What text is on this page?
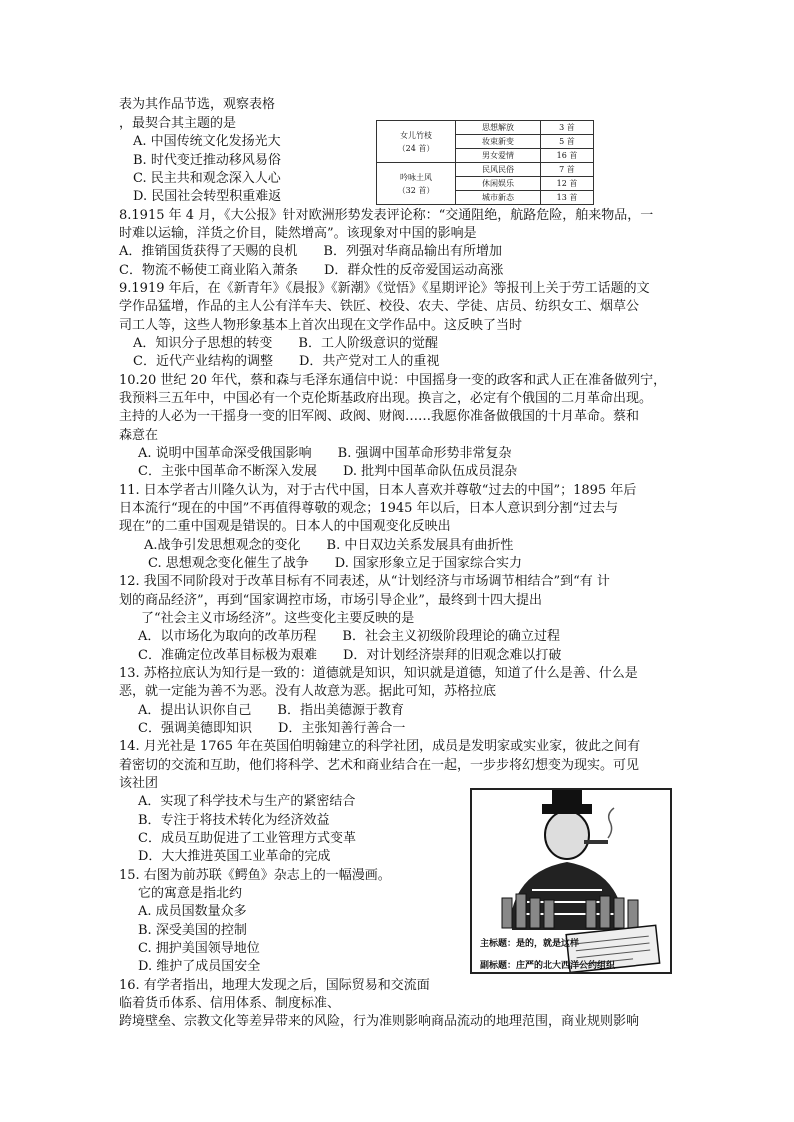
表为其作品节选，观察表格
，最契合其主题的是
A. 中国传统文化发扬光大
B. 时代变迁推动移风易俗
C. 民主共和观念深入人心
D. 民国社会转型积重难返
8.1915 年 4 月，《大公报》针对欧洲形势发表评论称：“交通阻绝，航路危险，舶来物品，一
时难以运输，洋货之价目，陡然增高”。该现象对中国的影响是
A．推销国货获得了天赐的良机　　B．列强对华商品输出有所增加
C．物流不畅使工商业陷入萧条　　D．群众性的反帝爱国运动高涨
9.1919 年后，在《新青年》《晨报》《新潮》《觉悟》《星期评论》等报刊上关于劳工话题的文
学作品猛增，作品的主人公有洋车夫、铁匠、校役、农夫、学徒、店员、纺织女工、烟草公
司工人等，这些人物形象基本上首次出现在文学作品中。这反映了当时
A．知识分子思想的转变　　B．工人阶级意识的觉醒
C．近代产业结构的调整　　D．共产党对工人的重视
10.20 世纪 20 年代，蔡和森与毛泽东通信中说：中国摇身一变的政客和武人正在准备做列宁，
我预料三五年中，中国必有一个克伦斯基政府出现。换言之，必定有个俄国的二月革命出现。
主持的人必为一干摇身一变的旧军阀、政阀、财阀……我愿你准备做俄国的十月革命。蔡和
森意在
A. 说明中国革命深受俄国影响　　B. 强调中国革命形势非常复杂
C．主张中国革命不断深入发展　　D. 批判中国革命队伍成员混杂
11. 日本学者古川隆久认为，对于古代中国，日本人喜欢并尊敬“过去的中国”；1895 年后
日本流行“现在的中国”不再值得尊敬的观念；1945 年以后，日本人意识到分割“过去与
现在”的二重中国观是错误的。日本人的中国观变化反映出
A.战争引发思想观念的变化　　B. 中日双边关系发展具有曲折性
C. 思想观念变化催生了战争　　D. 国家形象立足于国家综合实力
12. 我国不同阶段对于改革目标有不同表述，从“计划经济与市场调节相结合”到“有 计
划的商品经济”，再到“国家调控市场，市场引导企业”，最终到十四大提出
了“社会主义市场经济”。这些变化主要反映的是
A．以市场化为取向的改革历程　　B．社会主义初级阶段理论的确立过程
C．准确定位改革目标极为艰难　　D．对计划经济崇拜的旧观念难以打破
13. 苏格拉底认为知行是一致的：道德就是知识，知识就是道德，知道了什么是善、什么是
恶，就一定能为善不为恶。没有人故意为恶。据此可知，苏格拉底
A．提出认识你自己　　B．指出美德源于教育
C．强调美德即知识　　D．主张知善行善合一
14. 月光社是 1765 年在英国伯明翰建立的科学社团，成员是发明家或实业家，彼此之间有
着密切的交流和互助，他们将科学、艺术和商业结合在一起，一步步将幻想变为现实。可见
该社团
A．实现了科学技术与生产的紧密结合
B．专注于将技术转化为经济效益
C．成员互助促进了工业管理方式变革
D．大大推进英国工业革命的完成
15. 右图为前苏联《鳄鱼》杂志上的一幅漫画。
它的寓意是指北约
A. 成员国数量众多
B. 深受美国的控制
C. 拥护美国领导地位
D. 维护了成员国安全
16. 有学者指出，地理大发现之后，国际贸易和交流面
临着货币体系、信用体系、制度标准、
跨境壁垒、宗教文化等差异带来的风险，行为准则影响商品流动的地理范围，商业规则影响
女儿竹枝
（24 首）	思想解放	3 首
	妆束新变	5 首
	男女爱情	16 首

吟咏土风
（32 首）	民风民俗	7 首
	休闲娱乐	12 首
	城市新态	13 首
主标题：是的，就是这样
副标题：庄严的北大西洋公约组织
